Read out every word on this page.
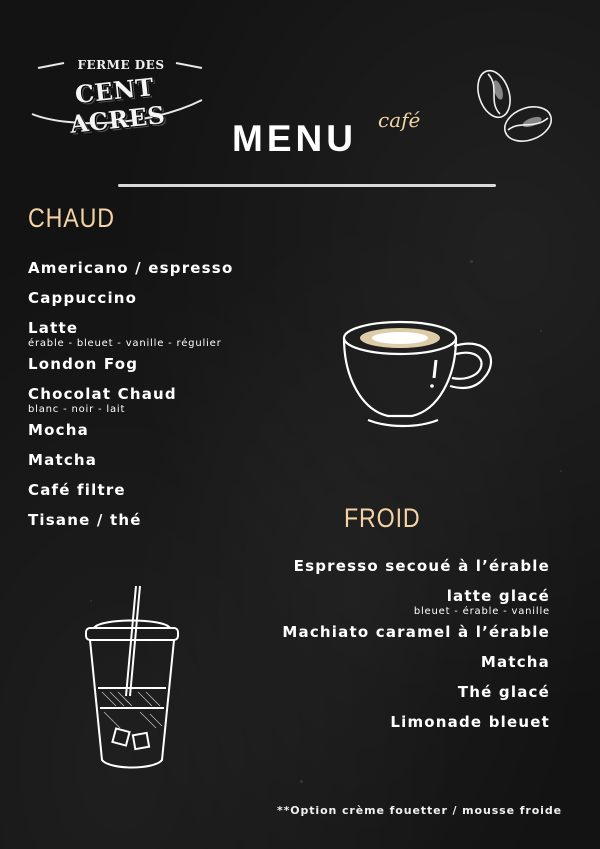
FERME DES
CENT ACRES	MENU café
CHAUD
Americano / espresso
Cappuccino
Latte
érable - bleuet - vanille - régulier
London Fog
Chocolat Chaud
blanc - noir - lait
Mocha
Matcha
Café filtre
Tisane / thé	FROID
Espresso secoué à l’érable
latte glacé
bleuet - érable - vanille
Machiato caramel à l’érable
Matcha
Thé glacé
Limonade bleuet
**Option crème fouetter / mousse froide
